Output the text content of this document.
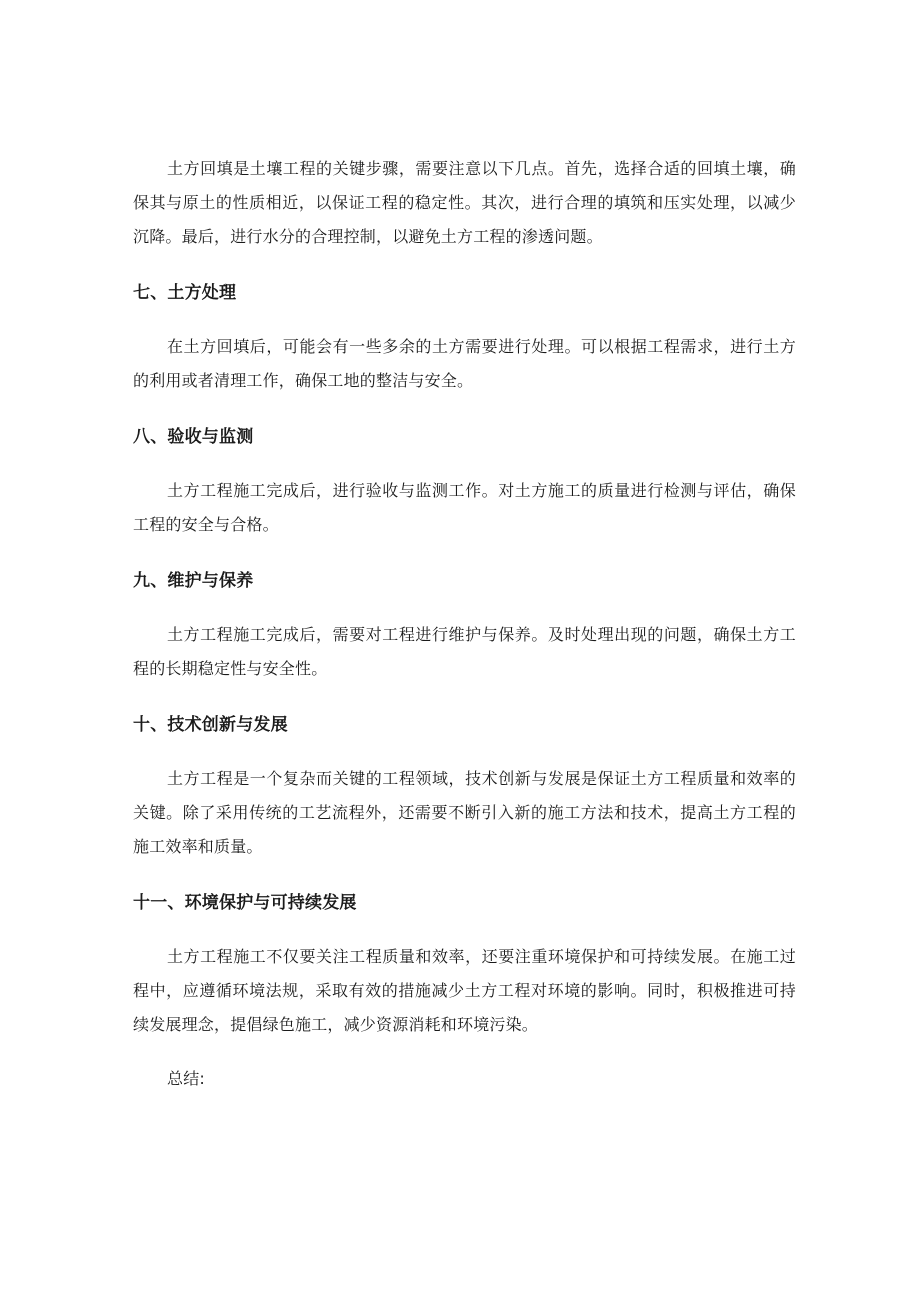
土方回填是土壤工程的关键步骤，需要注意以下几点。首先，选择合适的回填土壤，确保其与原土的性质相近，以保证工程的稳定性。其次，进行合理的填筑和压实处理，以减少沉降。最后，进行水分的合理控制，以避免土方工程的渗透问题。

七、土方处理

在土方回填后，可能会有一些多余的土方需要进行处理。可以根据工程需求，进行土方的利用或者清理工作，确保工地的整洁与安全。

八、验收与监测

土方工程施工完成后，进行验收与监测工作。对土方施工的质量进行检测与评估，确保工程的安全与合格。

九、维护与保养

土方工程施工完成后，需要对工程进行维护与保养。及时处理出现的问题，确保土方工程的长期稳定性与安全性。

十、技术创新与发展

土方工程是一个复杂而关键的工程领域，技术创新与发展是保证土方工程质量和效率的关键。除了采用传统的工艺流程外，还需要不断引入新的施工方法和技术，提高土方工程的施工效率和质量。

十一、环境保护与可持续发展

土方工程施工不仅要关注工程质量和效率，还要注重环境保护和可持续发展。在施工过程中，应遵循环境法规，采取有效的措施减少土方工程对环境的影响。同时，积极推进可持续发展理念，提倡绿色施工，减少资源消耗和环境污染。

总结:
